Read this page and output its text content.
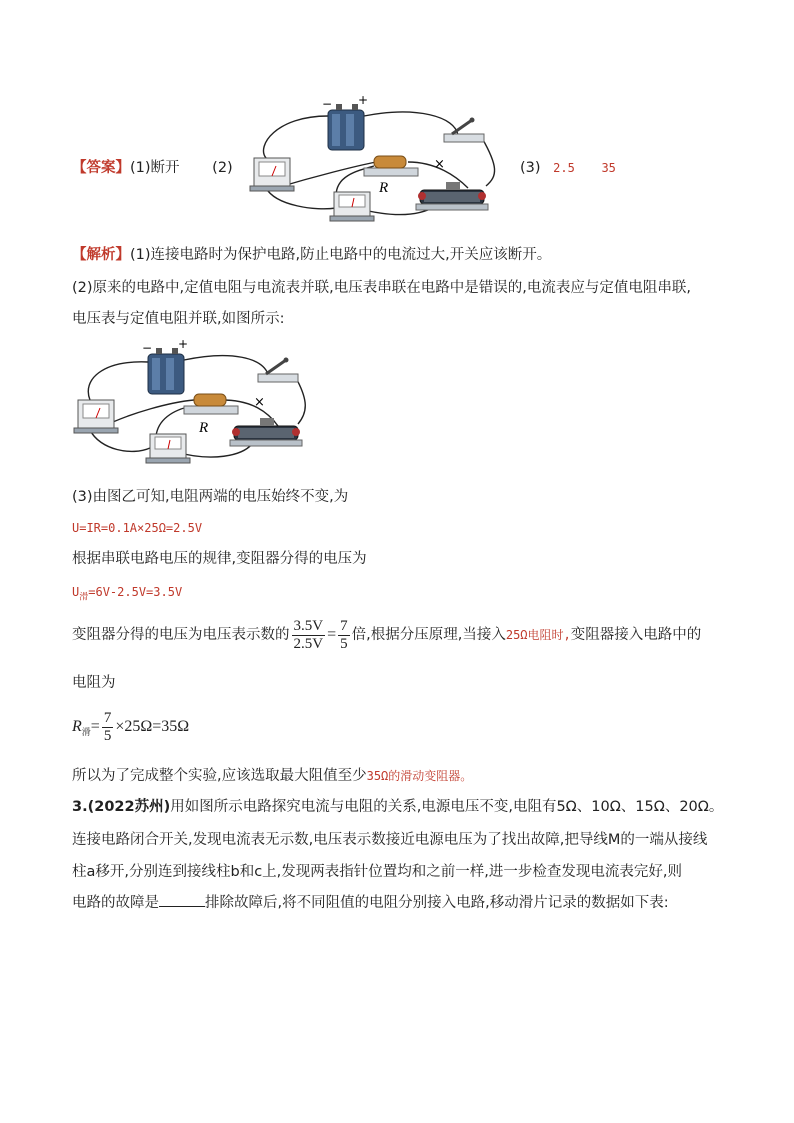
【答案】(1)断开 (2)
− +
R
×	(3) 2.5 35
【解析】(1)连接电路时为保护电路,防止电路中的电流过大,开关应该断开。
(2)原来的电路中,定值电阻与电流表并联,电压表串联在电路中是错误的,电流表应与定值电阻串联,
电压表与定值电阻并联,如图所示:
− +
R
×
(3)由图乙可知,电阻两端的电压始终不变,为
U=IR=0.1A×25Ω=2.5V
根据串联电路电压的规律,变阻器分得的电压为
$U_滑=6V-2.5V=3.5V$
变阻器分得的电压为电压表示数的 $\frac{3.5V}{2.5V} = \frac{7}{5}$ 倍,根据分压原理,当接入25Ω电阻时,变阻器接入电路中的
电阻为
$R_滑= \frac{7}{5} \times 25\Omega=35\Omega$
所以为了完成整个实验,应该选取最大阻值至少35Ω的滑动变阻器。
3.(2022苏州)用如图所示电路探究电流与电阻的关系,电源电压不变,电阻有5Ω、10Ω、15Ω、20Ω。
连接电路闭合开关,发现电流表无示数,电压表示数接近电源电压为了找出故障,把导线M的一端从接线
柱a移开,分别连到接线柱b和c上,发现两表指针位置均和之前一样,进一步检查发现电流表完好,则
电路的故障是	排除故障后,将不同阻值的电阻分别接入电路,移动滑片记录的数据如下表:
